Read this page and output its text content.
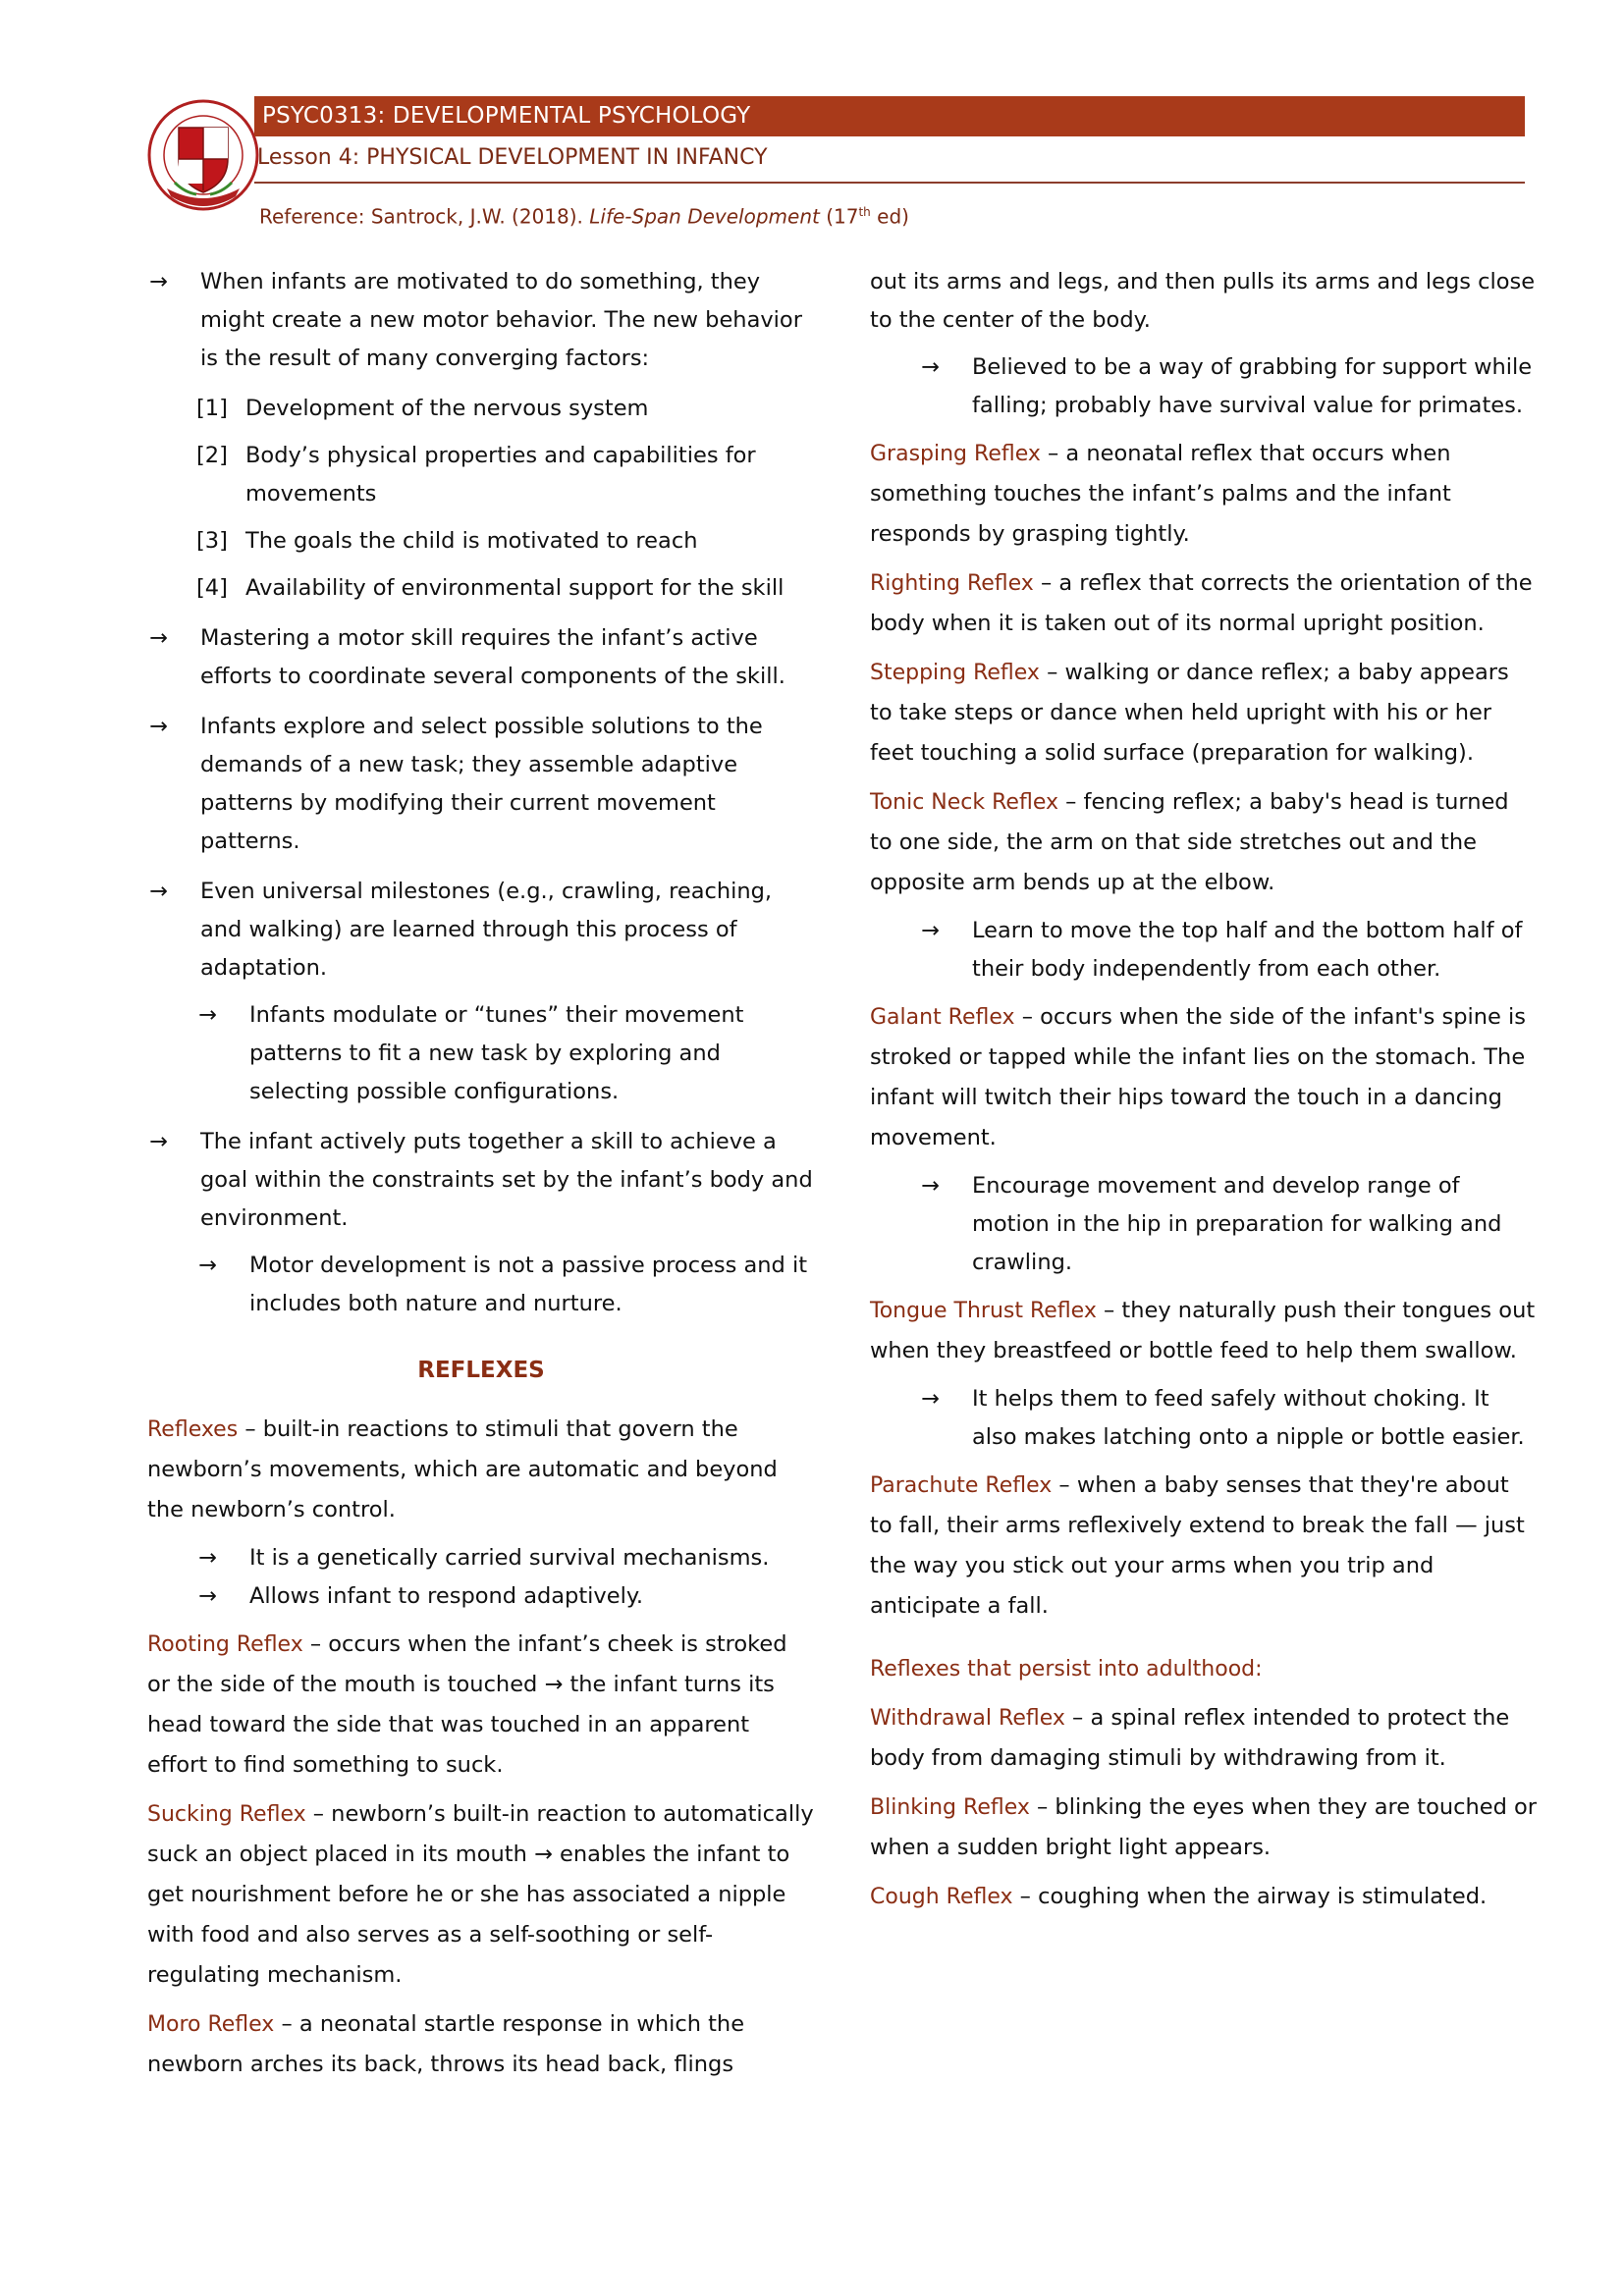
PSYC0313: DEVELOPMENTAL PSYCHOLOGY
Lesson 4: PHYSICAL DEVELOPMENT IN INFANCY
Reference: Santrock, J.W. (2018). Life-Span Development (17th ed)
→	When infants are motivated to do something, they might create a new motor behavior. The new behavior is the result of many converging factors:
[1] Development of the nervous system
[2] Body’s physical properties and capabilities for movements
[3] The goals the child is motivated to reach
[4] Availability of environmental support for the skill
→	Mastering a motor skill requires the infant’s active efforts to coordinate several components of the skill.
→	Infants explore and select possible solutions to the demands of a new task; they assemble adaptive patterns by modifying their current movement patterns.
→	Even universal milestones (e.g., crawling, reaching, and walking) are learned through this process of adaptation.
→	Infants modulate or “tunes” their movement patterns to fit a new task by exploring and selecting possible configurations.
→	The infant actively puts together a skill to achieve a goal within the constraints set by the infant’s body and environment.
→	Motor development is not a passive process and it includes both nature and nurture.
REFLEXES

Reflexes – built-in reactions to stimuli that govern the newborn’s movements, which are automatic and beyond the newborn’s control.

→	It is a genetically carried survival mechanisms.
→	Allows infant to respond adaptively.

Rooting Reflex – occurs when the infant’s cheek is stroked or the side of the mouth is touched → the infant turns its head toward the side that was touched in an apparent effort to find something to suck.

Sucking Reflex – newborn’s built-in reaction to automatically suck an object placed in its mouth → enables the infant to get nourishment before he or she has associated a nipple with food and also serves as a self-soothing or self-regulating mechanism.

Moro Reflex – a neonatal startle response in which the newborn arches its back, throws its head back, flings

out its arms and legs, and then pulls its arms and legs close to the center of the body.

→	Believed to be a way of grabbing for support while falling; probably have survival value for primates.

Grasping Reflex – a neonatal reflex that occurs when something touches the infant’s palms and the infant responds by grasping tightly.

Righting Reflex – a reflex that corrects the orientation of the body when it is taken out of its normal upright position.

Stepping Reflex – walking or dance reflex; a baby appears to take steps or dance when held upright with his or her feet touching a solid surface (preparation for walking).

Tonic Neck Reflex – fencing reflex; a baby's head is turned to one side, the arm on that side stretches out and the opposite arm bends up at the elbow.

→	Learn to move the top half and the bottom half of their body independently from each other.

Galant Reflex – occurs when the side of the infant's spine is stroked or tapped while the infant lies on the stomach. The infant will twitch their hips toward the touch in a dancing movement.

→	Encourage movement and develop range of motion in the hip in preparation for walking and crawling.

Tongue Thrust Reflex – they naturally push their tongues out when they breastfeed or bottle feed to help them swallow.

→	It helps them to feed safely without choking. It also makes latching onto a nipple or bottle easier.

Parachute Reflex – when a baby senses that they're about to fall, their arms reflexively extend to break the fall — just the way you stick out your arms when you trip and anticipate a fall.

Reflexes that persist into adulthood:

Withdrawal Reflex – a spinal reflex intended to protect the body from damaging stimuli by withdrawing from it.

Blinking Reflex – blinking the eyes when they are touched or when a sudden bright light appears.

Cough Reflex – coughing when the airway is stimulated.
